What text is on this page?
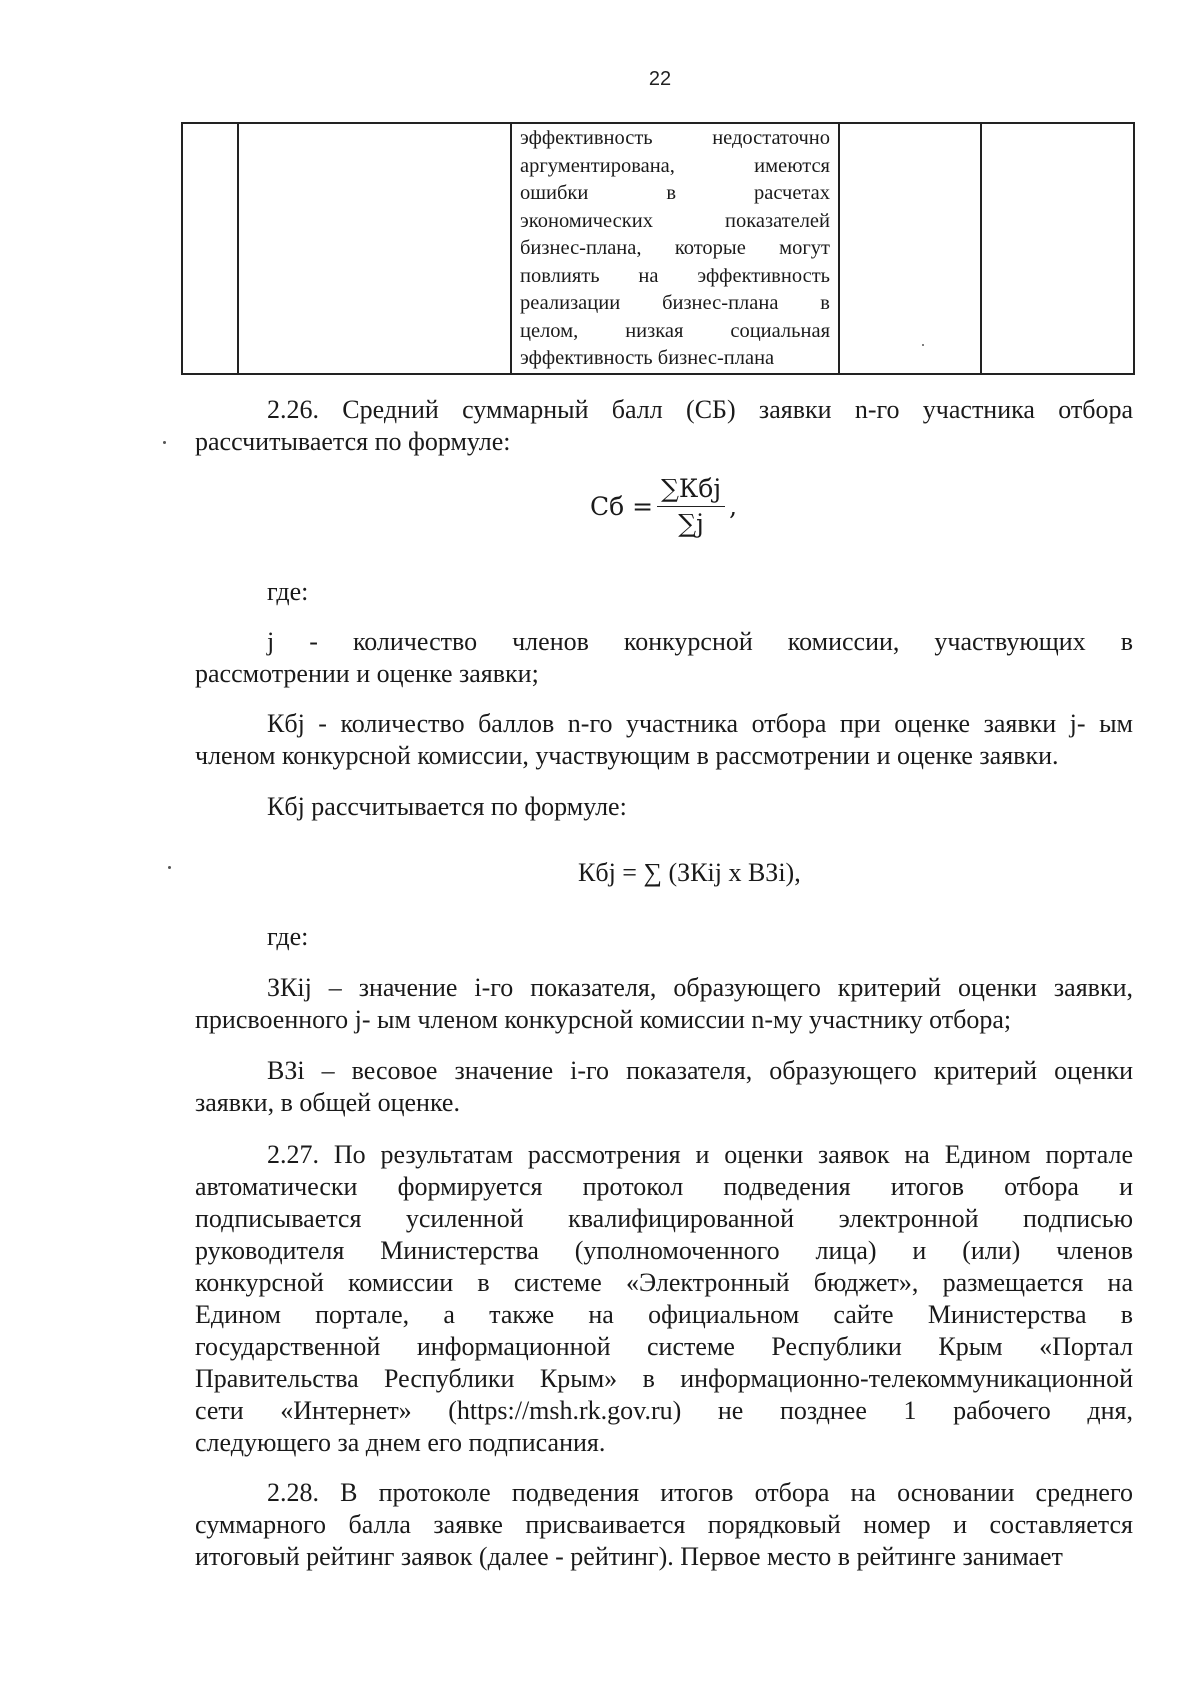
22

эффективность недостаточно
аргументирована, имеются
ошибки в расчетах
экономических показателей
бизнес-плана, которые могут
повлиять на эффективность
реализации бизнес-плана в
целом, низкая социальная
эффективность бизнес-плана

2.26. Средний суммарный балл (СБ) заявки n-го участника отбора
рассчитывается по формуле:
Сб = $\frac{\text{∑Кбj}}{\sum j}$ ,
где:
j - количество членов конкурсной комиссии, участвующих в
рассмотрении и оценке заявки;
Кбj - количество баллов n-го участника отбора при оценке заявки j- ым
членом конкурсной комиссии, участвующим в рассмотрении и оценке заявки.
Кбj рассчитывается по формуле:
Кбj = ∑ (ЗКij х ВЗi),
где:
ЗКij – значение i-го показателя, образующего критерий оценки заявки,
присвоенного j- ым членом конкурсной комиссии n-му участнику отбора;
ВЗi – весовое значение i-го показателя, образующего критерий оценки
заявки, в общей оценке.
2.27. По результатам рассмотрения и оценки заявок на Едином портале
автоматически формируется протокол подведения итогов отбора и
подписывается усиленной квалифицированной электронной подписью
руководителя Министерства (уполномоченного лица) и (или) членов
конкурсной комиссии в системе «Электронный бюджет», размещается на
Едином портале, а также на официальном сайте Министерства в
государственной информационной системе Республики Крым «Портал
Правительства Республики Крым» в информационно-телекоммуникационной
сети «Интернет» (https://msh.rk.gov.ru) не позднее 1 рабочего дня,
следующего за днем его подписания.
2.28. В протоколе подведения итогов отбора на основании среднего
суммарного балла заявке присваивается порядковый номер и составляется
итоговый рейтинг заявок (далее - рейтинг). Первое место в рейтинге занимает
